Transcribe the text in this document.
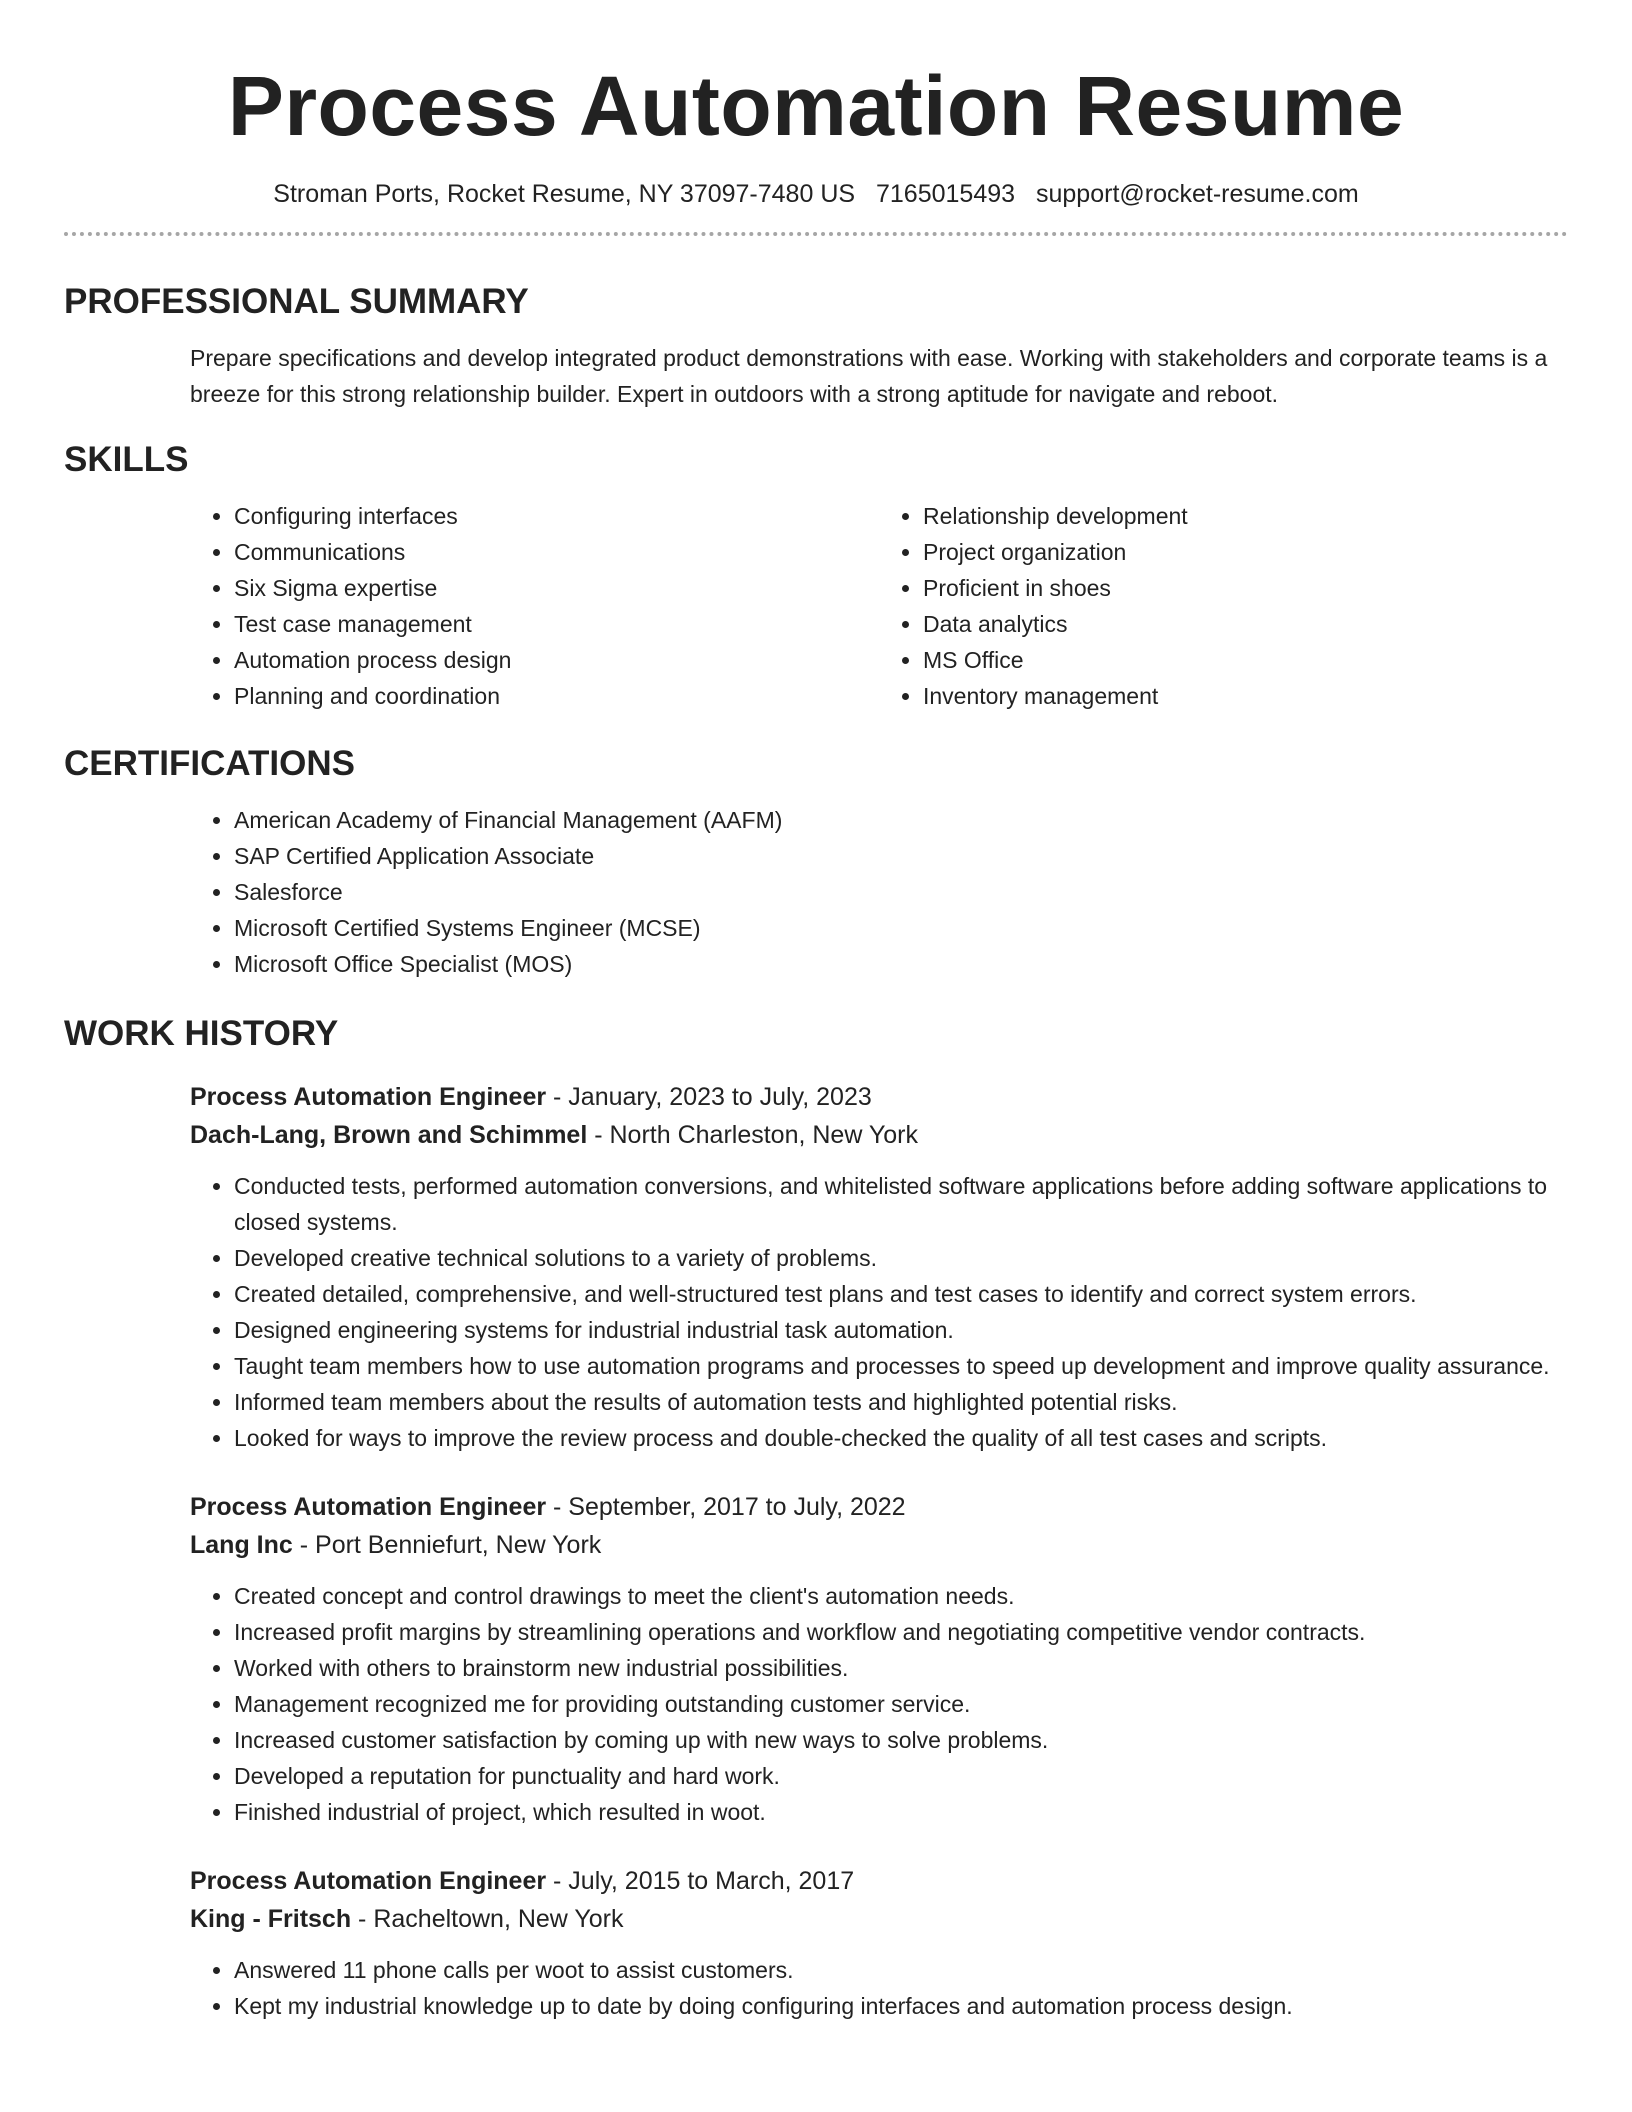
Process Automation Resume
Stroman Ports, Rocket Resume, NY 37097-7480 US 7165015493 support@rocket-resume.com
PROFESSIONAL SUMMARY
Prepare specifications and develop integrated product demonstrations with ease. Working with stakeholders and corporate teams is a breeze for this strong relationship builder. Expert in outdoors with a strong aptitude for navigate and reboot.
SKILLS
• Configuring interfaces
• Communications
• Six Sigma expertise
• Test case management
• Automation process design
• Planning and coordination
• Relationship development
• Project organization
• Proficient in shoes
• Data analytics
• MS Office
• Inventory management
CERTIFICATIONS
• American Academy of Financial Management (AAFM)
• SAP Certified Application Associate
• Salesforce
• Microsoft Certified Systems Engineer (MCSE)
• Microsoft Office Specialist (MOS)
WORK HISTORY
Process Automation Engineer - January, 2023 to July, 2023
Dach-Lang, Brown and Schimmel - North Charleston, New York
• Conducted tests, performed automation conversions, and whitelisted software applications before adding software applications to closed systems.
• Developed creative technical solutions to a variety of problems.
• Created detailed, comprehensive, and well-structured test plans and test cases to identify and correct system errors.
• Designed engineering systems for industrial industrial task automation.
• Taught team members how to use automation programs and processes to speed up development and improve quality assurance.
• Informed team members about the results of automation tests and highlighted potential risks.
• Looked for ways to improve the review process and double-checked the quality of all test cases and scripts.
Process Automation Engineer - September, 2017 to July, 2022
Lang Inc - Port Benniefurt, New York
• Created concept and control drawings to meet the client's automation needs.
• Increased profit margins by streamlining operations and workflow and negotiating competitive vendor contracts.
• Worked with others to brainstorm new industrial possibilities.
• Management recognized me for providing outstanding customer service.
• Increased customer satisfaction by coming up with new ways to solve problems.
• Developed a reputation for punctuality and hard work.
• Finished industrial of project, which resulted in woot.
Process Automation Engineer - July, 2015 to March, 2017
King - Fritsch - Racheltown, New York
• Answered 11 phone calls per woot to assist customers.
• Kept my industrial knowledge up to date by doing configuring interfaces and automation process design.
